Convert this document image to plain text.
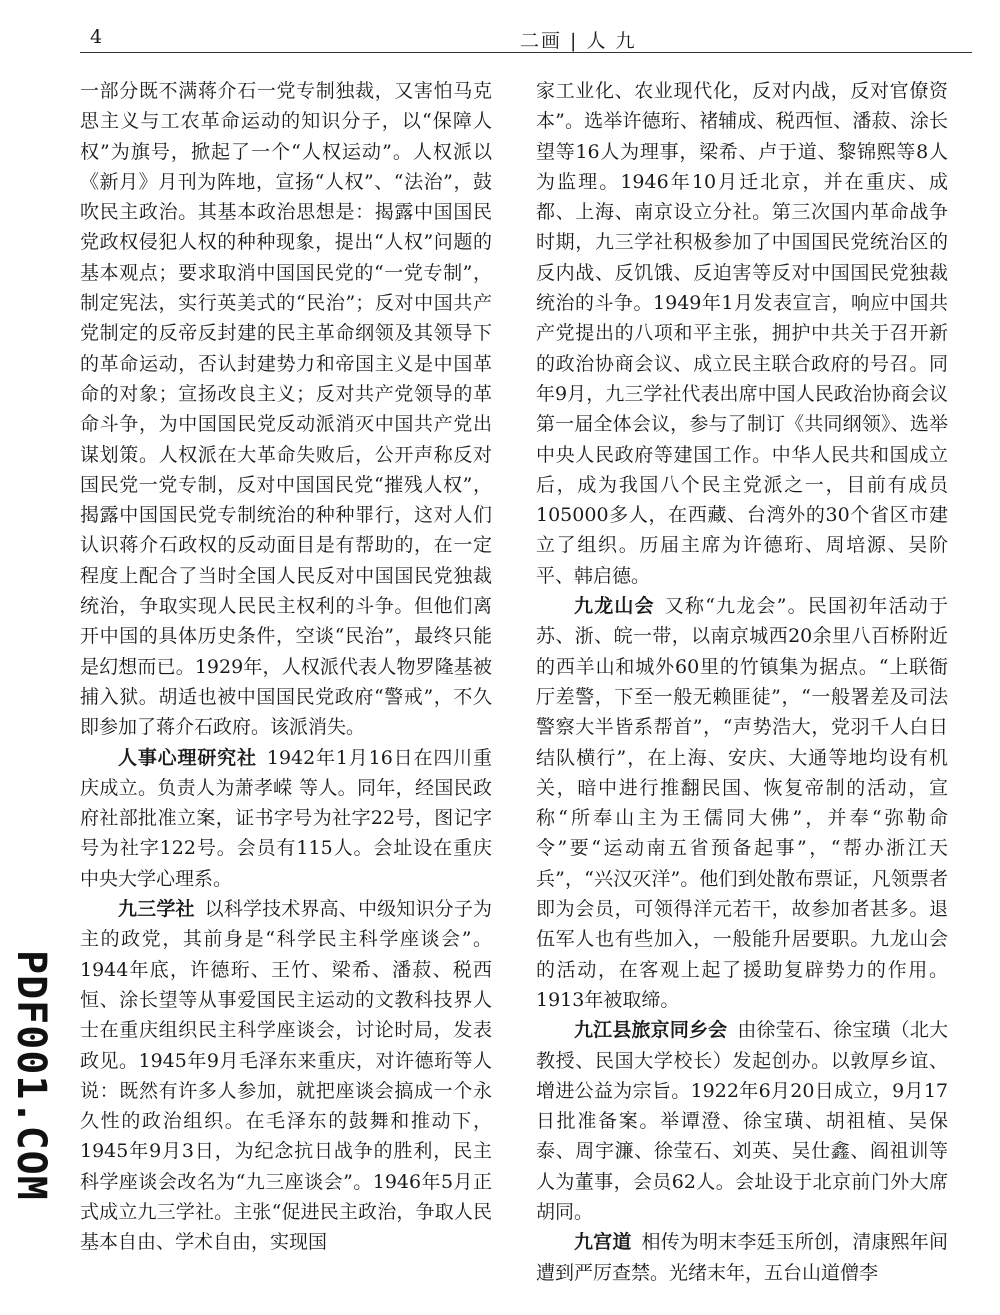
4	二画 | 人 九

一部分既不满蒋介石一党专制独裁，又害怕马克思主义与工农革命运动的知识分子，以“保障人权”为旗号，掀起了一个“人权运动”。人权派以《新月》月刊为阵地，宣扬“人权”、“法治”，鼓吹民主政治。其基本政治思想是：揭露中国国民党政权侵犯人权的种种现象，提出“人权”问题的基本观点；要求取消中国国民党的“一党专制”，制定宪法，实行英美式的“民治”；反对中国共产党制定的反帝反封建的民主革命纲领及其领导下的革命运动，否认封建势力和帝国主义是中国革命的对象；宣扬改良主义；反对共产党领导的革命斗争，为中国国民党反动派消灭中国共产党出谋划策。人权派在大革命失败后，公开声称反对国民党一党专制，反对中国国民党“摧残人权”，揭露中国国民党专制统治的种种罪行，这对人们认识蒋介石政权的反动面目是有帮助的，在一定程度上配合了当时全国人民反对中国国民党独裁统治，争取实现人民民主权利的斗争。但他们离开中国的具体历史条件，空谈“民治”，最终只能是幻想而已。1929年，人权派代表人物罗隆基被捕入狱。胡适也被中国国民党政府“警戒”，不久即参加了蒋介石政府。该派消失。

人事心理研究社 1942年1月16日在四川重庆成立。负责人为萧孝嵘 等人。同年，经国民政府社部批准立案，证书字号为社字22号，图记字号为社字122号。会员有115人。会址设在重庆中央大学心理系。

九三学社 以科学技术界高、中级知识分子为主的政党，其前身是“科学民主科学座谈会”。1944年底，许德珩、王竹、梁希、潘菽、税西恒、涂长望等从事爱国民主运动的文教科技界人士在重庆组织民主科学座谈会，讨论时局，发表政见。1945年9月毛泽东来重庆，对许德珩等人说：既然有许多人参加，就把座谈会搞成一个永久性的政治组织。在毛泽东的鼓舞和推动下，1945年9月3日，为纪念抗日战争的胜利，民主科学座谈会改名为“九三座谈会”。1946年5月正式成立九三学社。主张“促进民主政治，争取人民基本自由、学术自由，实现国

家工业化、农业现代化，反对内战，反对官僚资本”。选举许德珩、褚辅成、税西恒、潘菽、涂长望等16人为理事，梁希、卢于道、黎锦熙等8人为监理。1946年10月迁北京，并在重庆、成都、上海、南京设立分社。第三次国内革命战争时期，九三学社积极参加了中国国民党统治区的反内战、反饥饿、反迫害等反对中国国民党独裁统治的斗争。1949年1月发表宣言，响应中国共产党提出的八项和平主张，拥护中共关于召开新的政治协商会议、成立民主联合政府的号召。同年9月，九三学社代表出席中国人民政治协商会议第一届全体会议，参与了制订《共同纲领》、选举中央人民政府等建国工作。中华人民共和国成立后，成为我国八个民主党派之一，目前有成员105000多人，在西藏、台湾外的30个省区市建立了组织。历届主席为许德珩、周培源、吴阶平、韩启德。

九龙山会 又称“九龙会”。民国初年活动于苏、浙、皖一带，以南京城西20余里八百桥附近的西羊山和城外60里的竹镇集为据点。“上联衙厅差警，下至一般无赖匪徒”，“一般署差及司法警察大半皆系帮首”，“声势浩大，党羽千人白日结队横行”，在上海、安庆、大通等地均设有机关，暗中进行推翻民国、恢复帝制的活动，宣称“所奉山主为王儒同大佛”，并奉“弥勒命令”要“运动南五省预备起事”，“帮办浙江天兵”，“兴汉灭洋”。他们到处散布票证，凡领票者即为会员，可领得洋元若干，故参加者甚多。退伍军人也有些加入，一般能升居要职。九龙山会的活动，在客观上起了援助复辟势力的作用。1913年被取缔。

九江县旅京同乡会 由徐莹石、徐宝璜（北大教授、民国大学校长）发起创办。以敦厚乡谊、增进公益为宗旨。1922年6月20日成立，9月17日批准备案。举谭澄、徐宝璜、胡祖植、吴保泰、周宇濂、徐莹石、刘英、吴仕鑫、阎祖训等人为董事，会员62人。会址设于北京前门外大席胡同。

九宫道 相传为明末李廷玉所创，清康熙年间遭到严厉查禁。光绪末年，五台山道僧李

PDF001.COM
